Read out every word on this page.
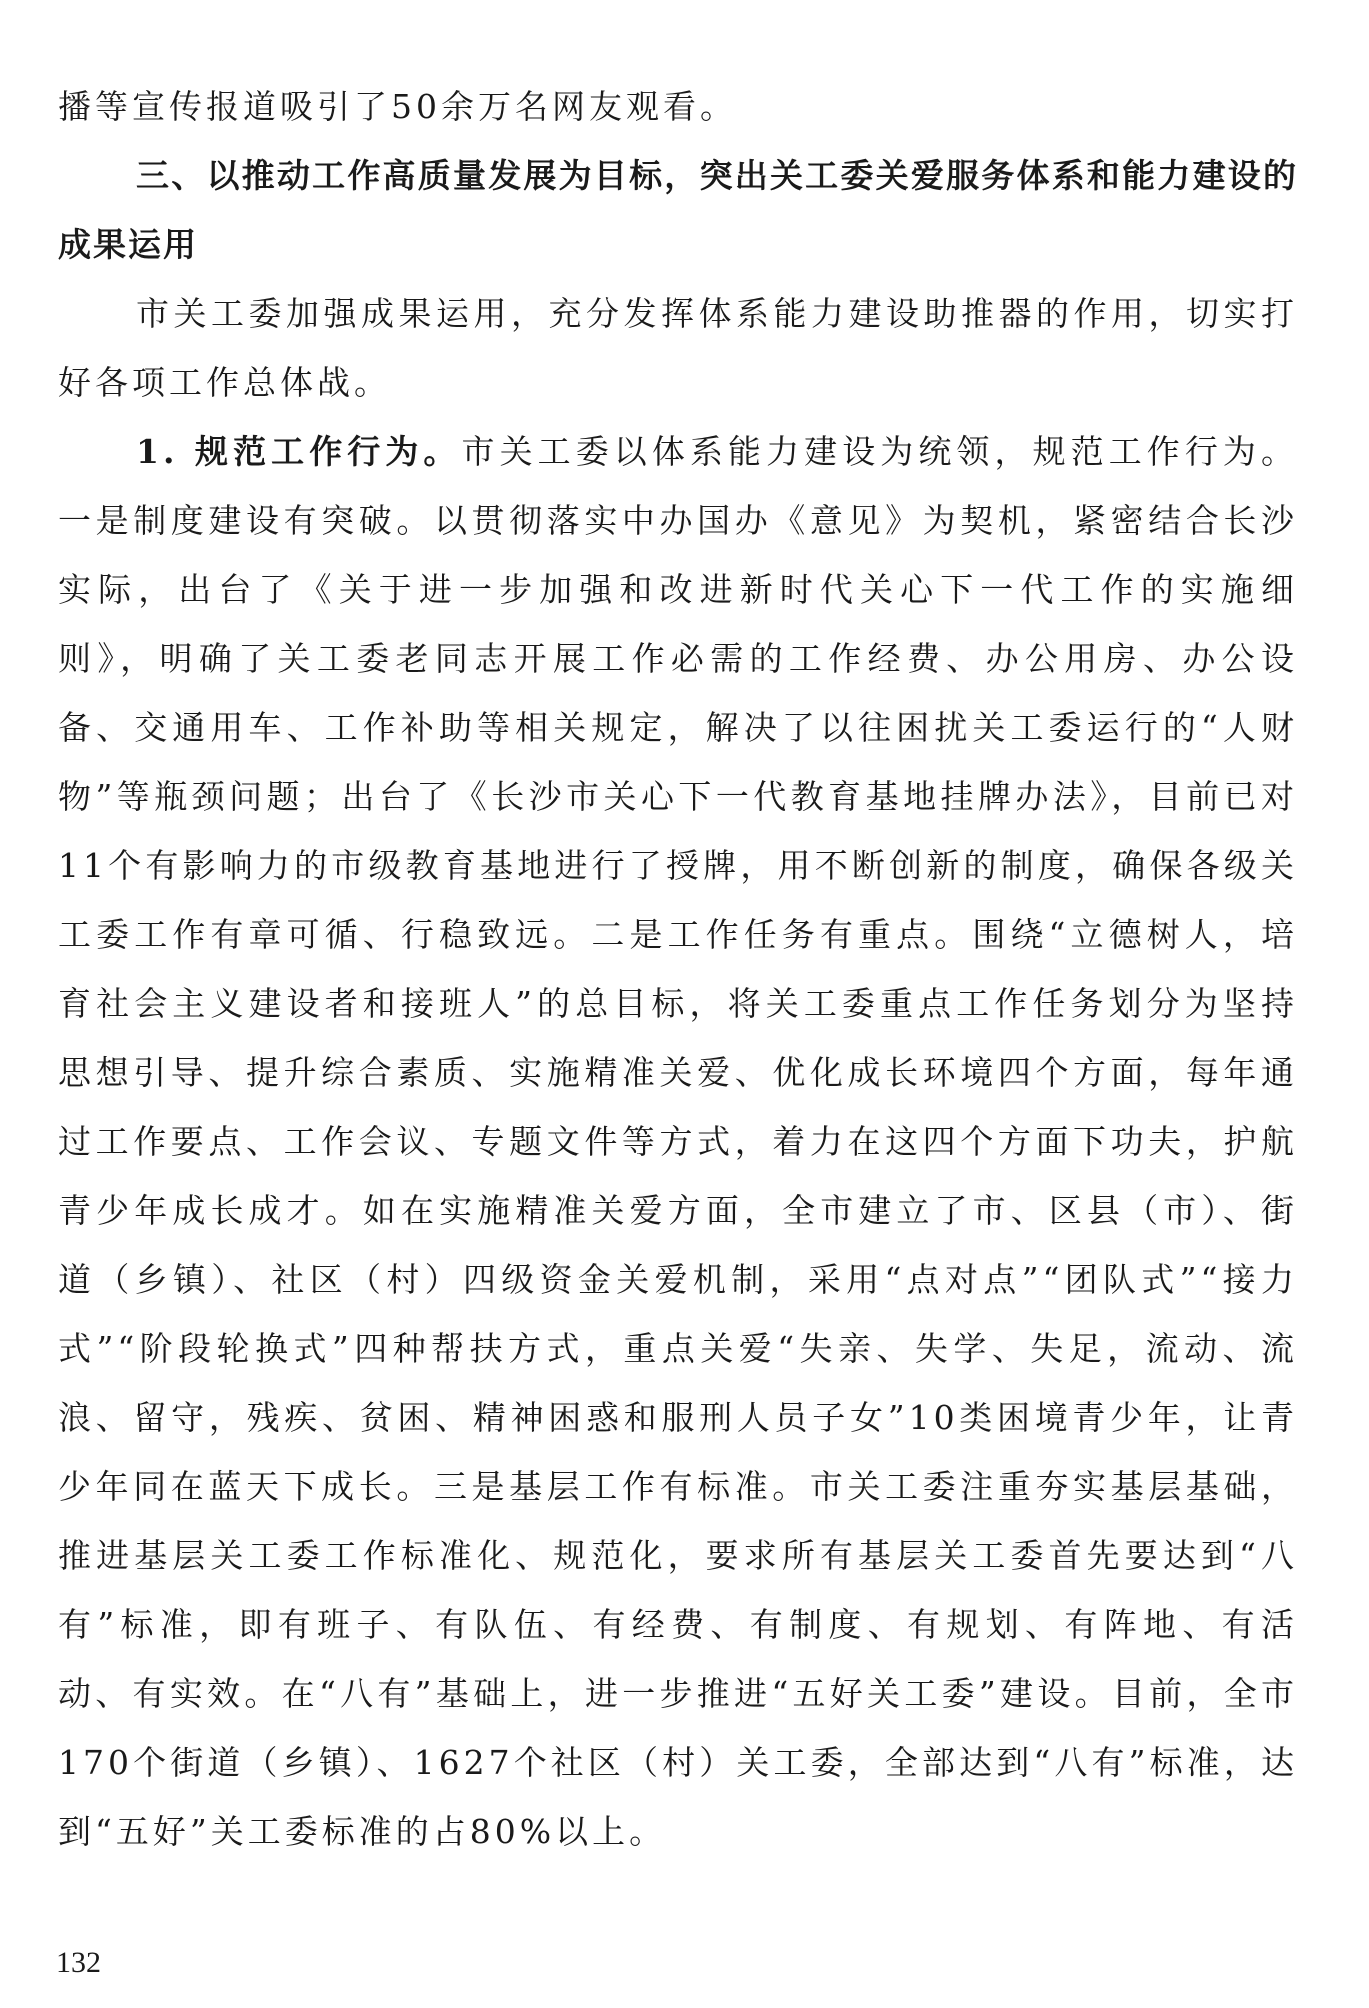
播等宣传报道吸引了50余万名网友观看。

三、以推动工作高质量发展为目标，突出关工委关爱服务体系和能力建设的成果运用

市关工委加强成果运用，充分发挥体系能力建设助推器的作用，切实打好各项工作总体战。

1. 规范工作行为。市关工委以体系能力建设为统领，规范工作行为。一是制度建设有突破。以贯彻落实中办国办《意见》为契机，紧密结合长沙实际，出台了《关于进一步加强和改进新时代关心下一代工作的实施细则》，明确了关工委老同志开展工作必需的工作经费、办公用房、办公设备、交通用车、工作补助等相关规定，解决了以往困扰关工委运行的“人财物”等瓶颈问题；出台了《长沙市关心下一代教育基地挂牌办法》，目前已对11个有影响力的市级教育基地进行了授牌，用不断创新的制度，确保各级关工委工作有章可循、行稳致远。二是工作任务有重点。围绕“立德树人，培育社会主义建设者和接班人”的总目标，将关工委重点工作任务划分为坚持思想引导、提升综合素质、实施精准关爱、优化成长环境四个方面，每年通过工作要点、工作会议、专题文件等方式，着力在这四个方面下功夫，护航青少年成长成才。如在实施精准关爱方面，全市建立了市、区县（市）、街道（乡镇）、社区（村）四级资金关爱机制，采用“点对点”“团队式”“接力式”“阶段轮换式”四种帮扶方式，重点关爱“失亲、失学、失足，流动、流浪、留守，残疾、贫困、精神困惑和服刑人员子女”10类困境青少年，让青少年同在蓝天下成长。三是基层工作有标准。市关工委注重夯实基层基础，推进基层关工委工作标准化、规范化，要求所有基层关工委首先要达到“八有”标准，即有班子、有队伍、有经费、有制度、有规划、有阵地、有活动、有实效。在“八有”基础上，进一步推进“五好关工委”建设。目前，全市170个街道（乡镇）、1627个社区（村）关工委，全部达到“八有”标准，达到“五好”关工委标准的占80%以上。

132
